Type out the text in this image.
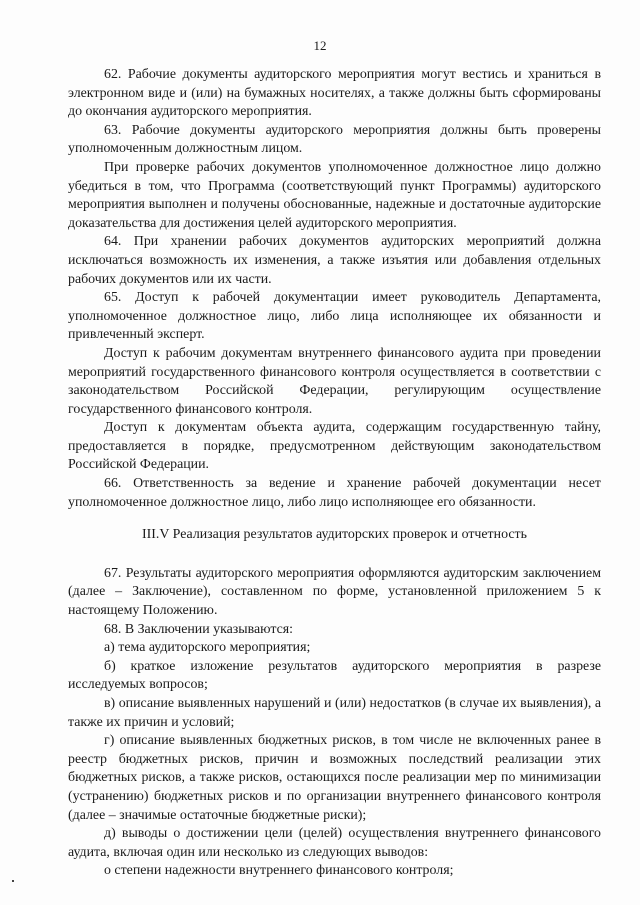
12

62. Рабочие документы аудиторского мероприятия могут вестись и храниться в электронном виде и (или) на бумажных носителях, а также должны быть сформированы до окончания аудиторского мероприятия.

63. Рабочие документы аудиторского мероприятия должны быть проверены уполномоченным должностным лицом.

При проверке рабочих документов уполномоченное должностное лицо должно убедиться в том, что Программа (соответствующий пункт Программы) аудиторского мероприятия выполнен и получены обоснованные, надежные и достаточные аудиторские доказательства для достижения целей аудиторского мероприятия.

64. При хранении рабочих документов аудиторских мероприятий должна исключаться возможность их изменения, а также изъятия или добавления отдельных рабочих документов или их части.

65. Доступ к рабочей документации имеет руководитель Департамента, уполномоченное должностное лицо, либо лица исполняющее их обязанности и привлеченный эксперт.

Доступ к рабочим документам внутреннего финансового аудита при проведении мероприятий государственного финансового контроля осуществляется в соответствии с законодательством Российской Федерации, регулирующим осуществление государственного финансового контроля.

Доступ к документам объекта аудита, содержащим государственную тайну, предоставляется в порядке, предусмотренном действующим законодательством Российской Федерации.

66. Ответственность за ведение и хранение рабочей документации несет уполномоченное должностное лицо, либо лицо исполняющее его обязанности.

III.V Реализация результатов аудиторских проверок и отчетность

67. Результаты аудиторского мероприятия оформляются аудиторским заключением (далее – Заключение), составленном по форме, установленной приложением 5 к настоящему Положению.

68. В Заключении указываются:

а) тема аудиторского мероприятия;

б) краткое изложение результатов аудиторского мероприятия в разрезе исследуемых вопросов;

в) описание выявленных нарушений и (или) недостатков (в случае их выявления), а также их причин и условий;

г) описание выявленных бюджетных рисков, в том числе не включенных ранее в реестр бюджетных рисков, причин и возможных последствий реализации этих бюджетных рисков, а также рисков, остающихся после реализации мер по минимизации (устранению) бюджетных рисков и по организации внутреннего финансового контроля (далее – значимые остаточные бюджетные риски);

д) выводы о достижении цели (целей) осуществления внутреннего финансового аудита, включая один или несколько из следующих выводов:

о степени надежности внутреннего финансового контроля;
